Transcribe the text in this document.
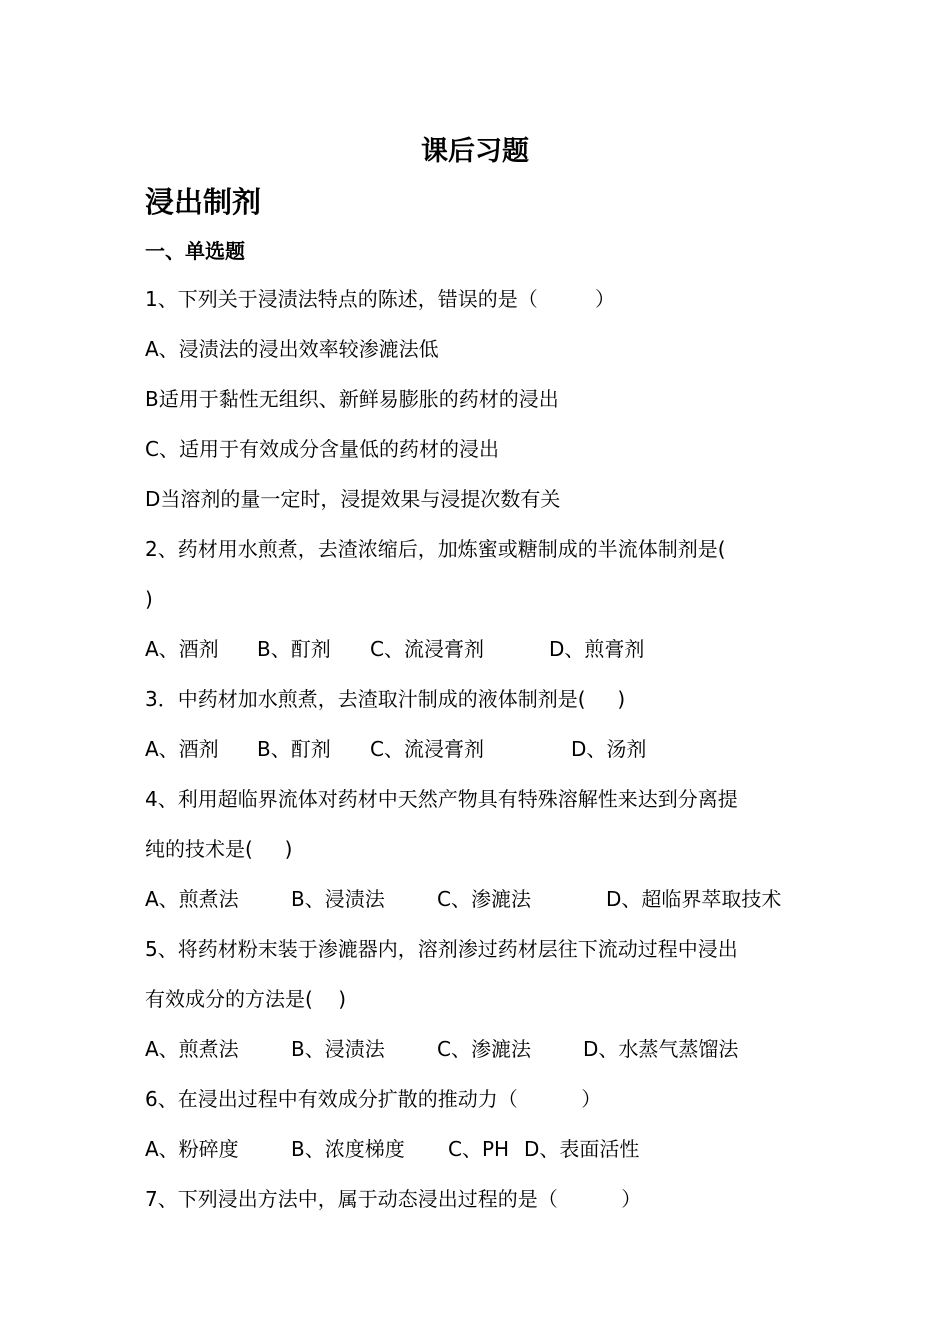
课后习题
浸出制剂
一、单选题
1、下列关于浸渍法特点的陈述，错误的是（         ）
A、浸渍法的浸出效率较渗漉法低
B适用于黏性无组织、新鲜易膨胀的药材的浸出
C、适用于有效成分含量低的药材的浸出
D当溶剂的量一定时，浸提效果与浸提次数有关
2、药材用水煎煮，去渣浓缩后，加炼蜜或糖制成的半流体制剂是(
)
A、酒剂 B、酊剂 C、流浸膏剂	D、煎膏剂
3．中药材加水煎煮，去渣取汁制成的液体制剂是(     )
A、酒剂 B、酊剂 C、流浸膏剂	D、汤剂
4、利用超临界流体对药材中天然产物具有特殊溶解性来达到分离提
纯的技术是(     )
A、煎煮法	B、浸渍法	C、渗漉法	D、超临界萃取技术
5、将药材粉末装于渗漉器内，溶剂渗过药材层往下流动过程中浸出
有效成分的方法是(    )
A、煎煮法	B、浸渍法	C、渗漉法	D、水蒸气蒸馏法
6、在浸出过程中有效成分扩散的推动力（          ）
A、粉碎度	B、浓度梯度 C、PH D、表面活性
7、下列浸出方法中，属于动态浸出过程的是（          ）
